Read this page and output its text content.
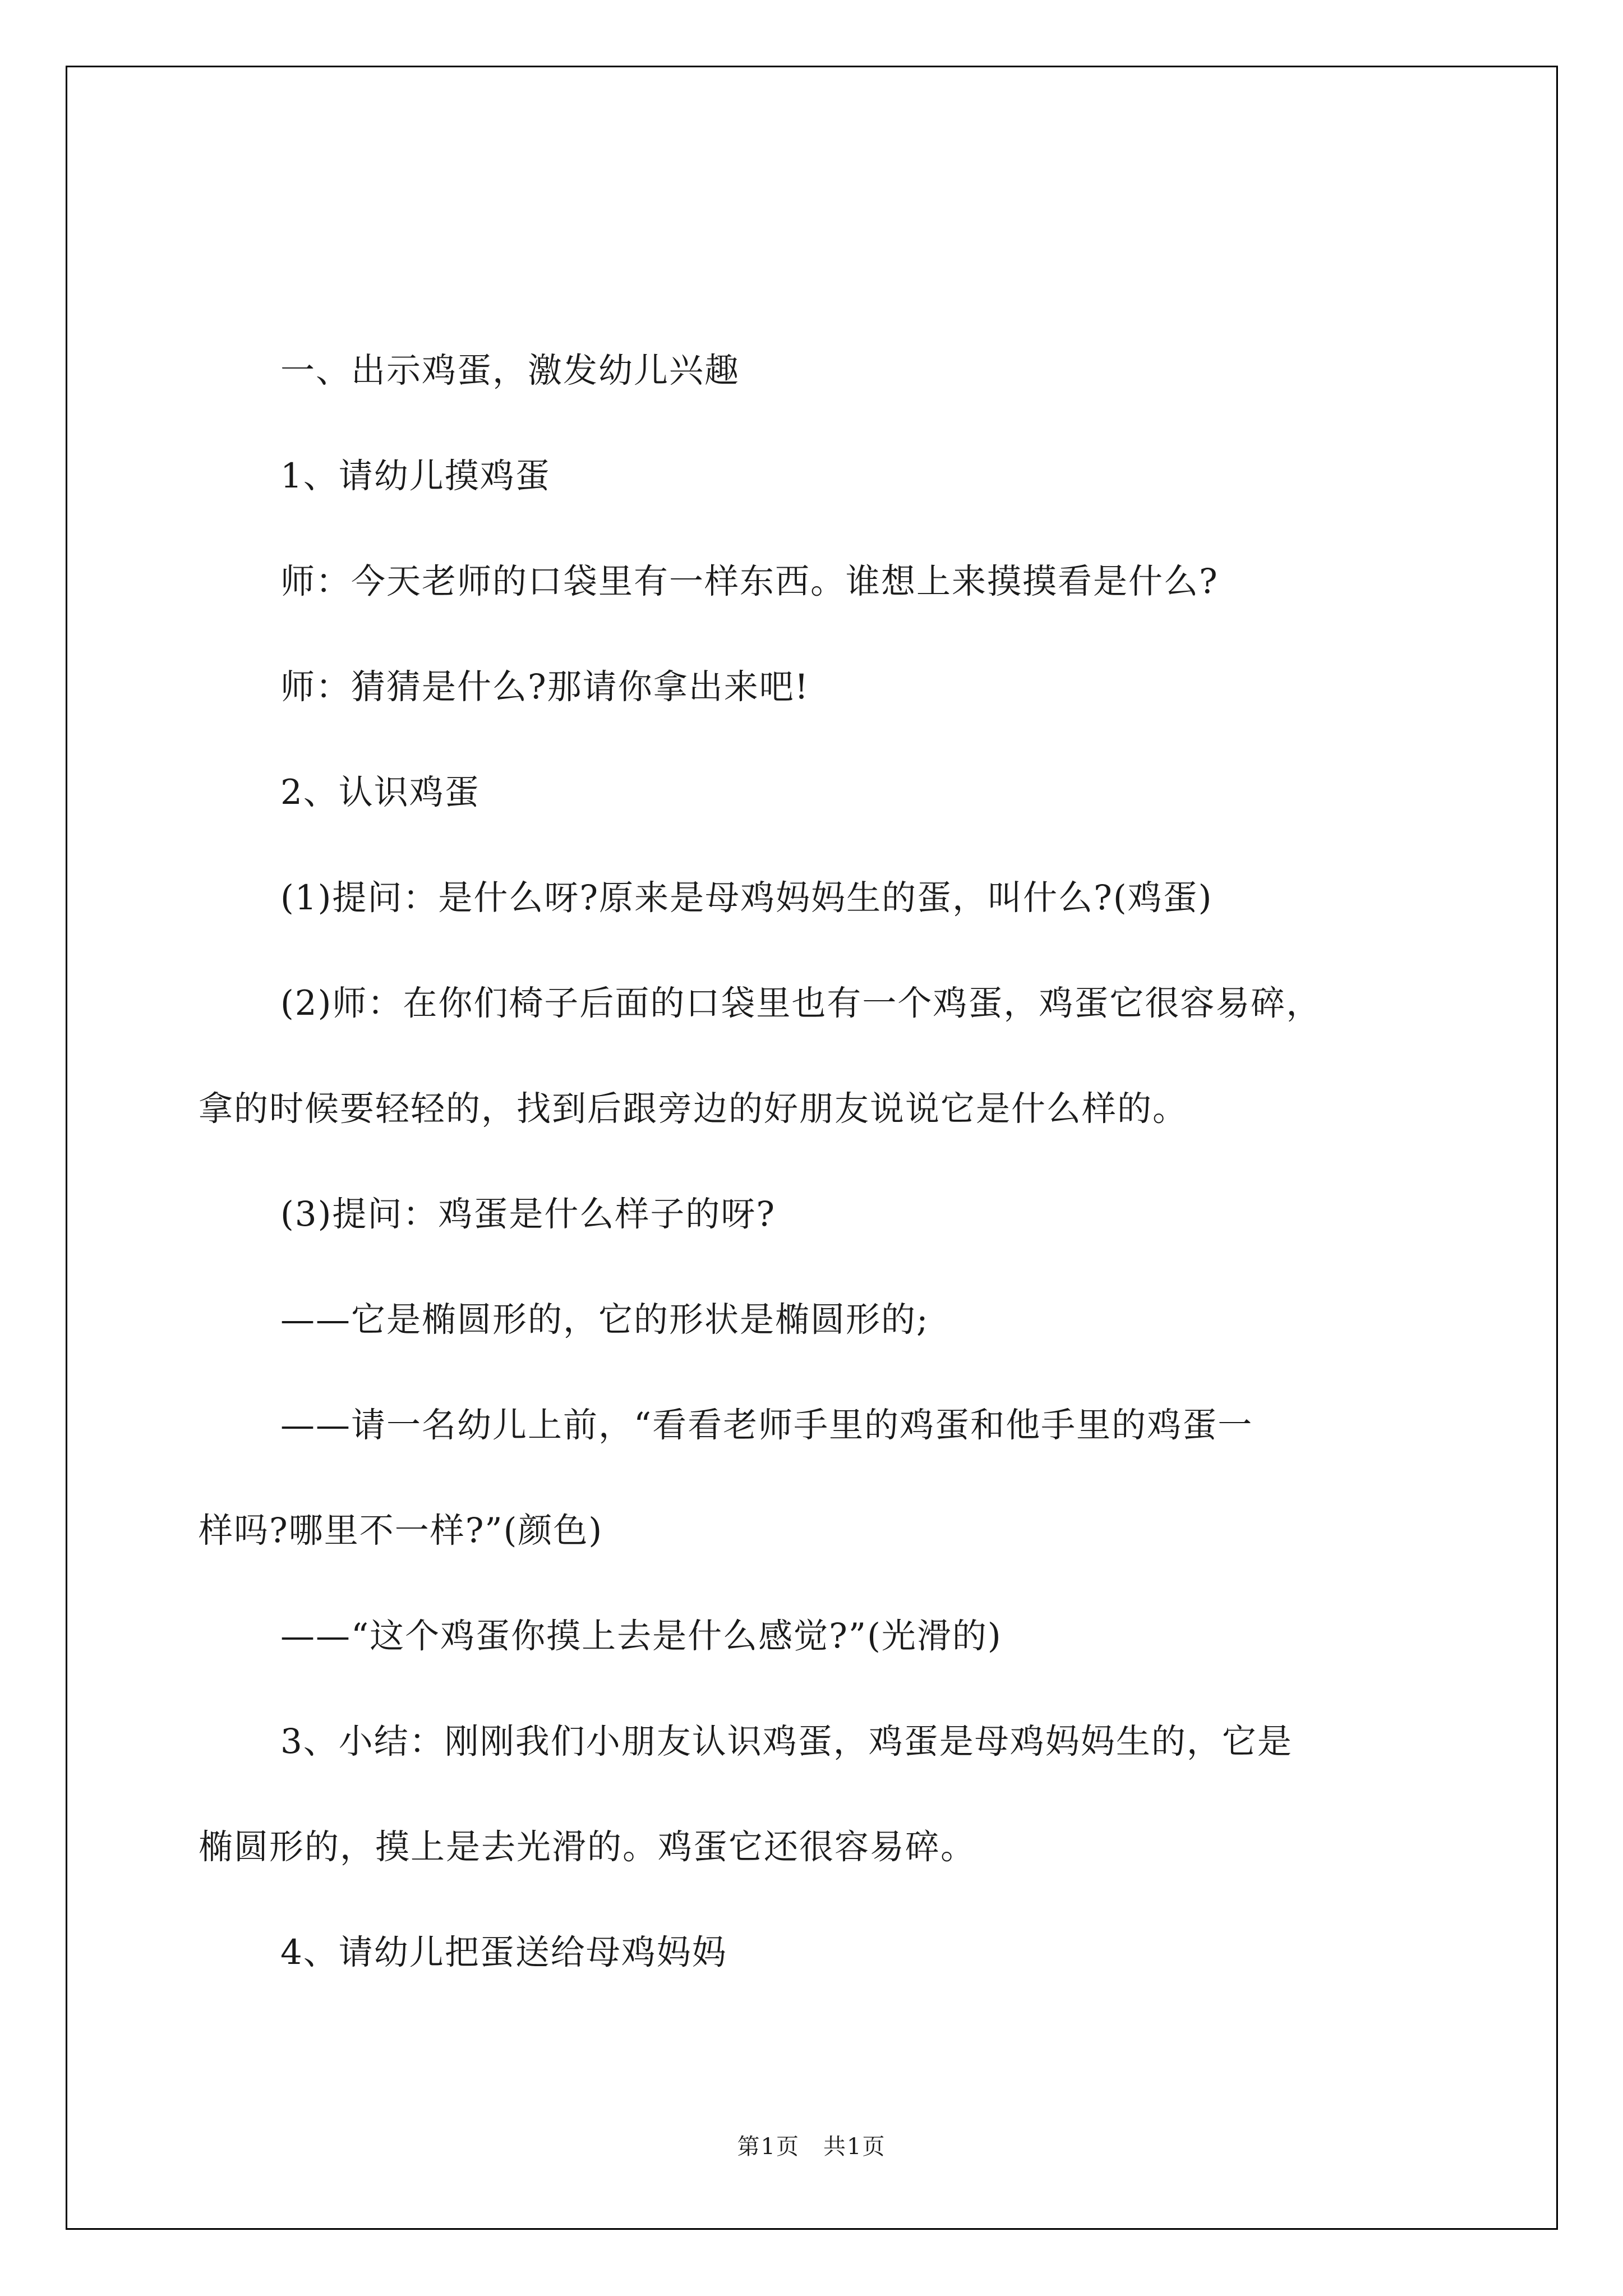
一、出示鸡蛋，激发幼儿兴趣

1、请幼儿摸鸡蛋

师：今天老师的口袋里有一样东西。谁想上来摸摸看是什么?

师：猜猜是什么?那请你拿出来吧!

2、认识鸡蛋

(1)提问：是什么呀?原来是母鸡妈妈生的蛋，叫什么?(鸡蛋)

(2)师：在你们椅子后面的口袋里也有一个鸡蛋，鸡蛋它很容易碎，

拿的时候要轻轻的，找到后跟旁边的好朋友说说它是什么样的。

(3)提问：鸡蛋是什么样子的呀?

——它是椭圆形的，它的形状是椭圆形的;

——请一名幼儿上前，“看看老师手里的鸡蛋和他手里的鸡蛋一

样吗?哪里不一样?”(颜色)

——“这个鸡蛋你摸上去是什么感觉?”(光滑的)

3、小结：刚刚我们小朋友认识鸡蛋，鸡蛋是母鸡妈妈生的，它是

椭圆形的，摸上是去光滑的。鸡蛋它还很容易碎。

4、请幼儿把蛋送给母鸡妈妈

第1页　共1页
